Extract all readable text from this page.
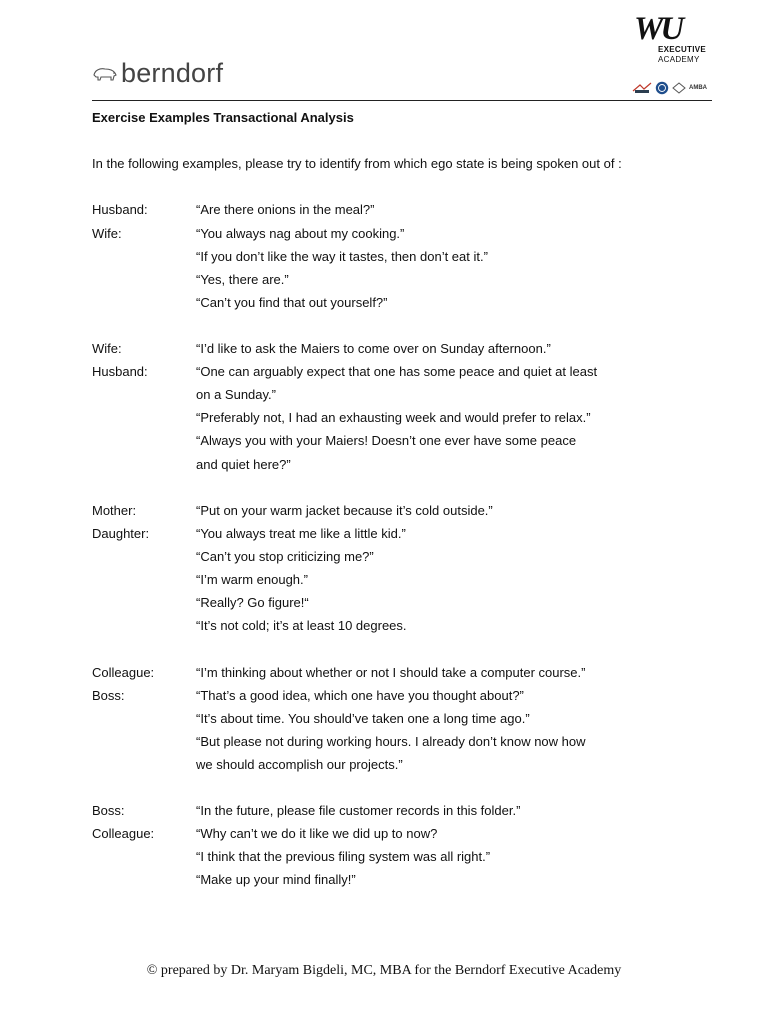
berndorf
WU
EXECUTIVE
ACADEMY
AMBA
Exercise Examples Transactional Analysis
In the following examples, please try to identify from which ego state is being spoken out of :
Husband:	“Are there onions in the meal?”
Wife:	“You always nag about my cooking.”
“If you don’t like the way it tastes, then don’t eat it.”
“Yes, there are.”
“Can’t you find that out yourself?”
Wife:	“I’d like to ask the Maiers to come over on Sunday afternoon.”
Husband:	“One can arguably expect that one has some peace and quiet at least
on a Sunday.”
“Preferably not, I had an exhausting week and would prefer to relax.”
“Always you with your Maiers! Doesn’t one ever have some peace
and quiet here?”
Mother:	“Put on your warm jacket because it’s cold outside.”
Daughter:	“You always treat me like a little kid.”
“Can’t you stop criticizing me?”
“I’m warm enough.”
“Really? Go figure!“
“It’s not cold; it’s at least 10 degrees.
Colleague:	“I’m thinking about whether or not I should take a computer course.”
Boss:	“That’s a good idea, which one have you thought about?”
“It’s about time. You should’ve taken one a long time ago.”
“But please not during working hours. I already don’t know now how
we should accomplish our projects.”
Boss:	“In the future, please file customer records in this folder.”
Colleague:	“Why can’t we do it like we did up to now?
“I think that the previous filing system was all right.”
“Make up your mind finally!”
© prepared by Dr. Maryam Bigdeli, MC, MBA for the Berndorf Executive Academy
